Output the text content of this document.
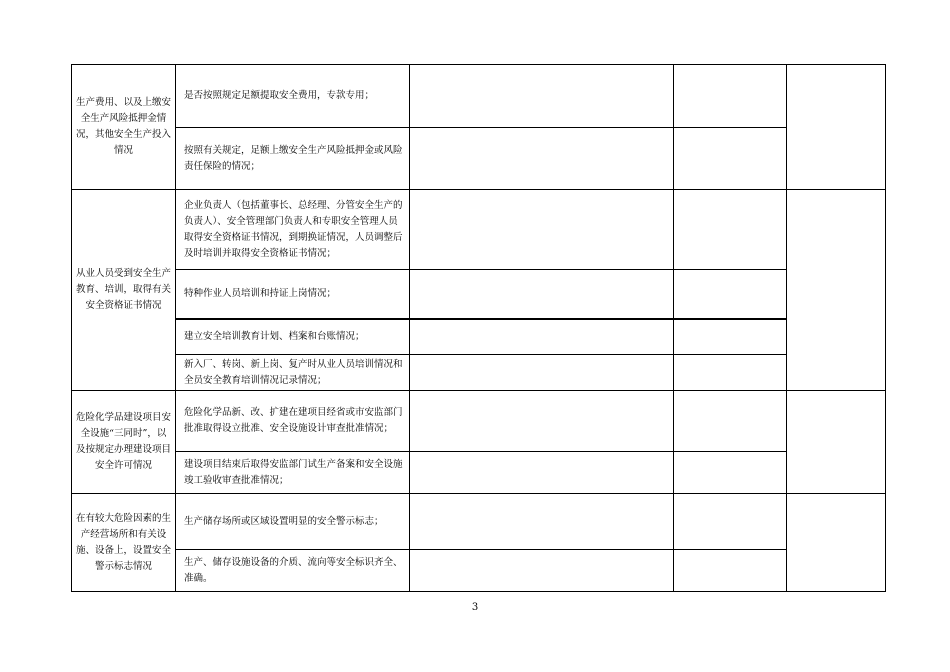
生产费用、以及上缴安全生产风险抵押金情况，其他安全生产投入情况
是否按照规定足额提取安全费用，专款专用；
按照有关规定，足额上缴安全生产风险抵押金或风险责任保险的情况；
从业人员受到安全生产教育、培训，取得有关安全资格证书情况
企业负责人（包括董事长、总经理、分管安全生产的负责人）、安全管理部门负责人和专职安全管理人员取得安全资格证书情况，到期换证情况，人员调整后及时培训并取得安全资格证书情况；
特种作业人员培训和持证上岗情况；
建立安全培训教育计划、档案和台账情况；
新入厂、转岗、新上岗、复产时从业人员培训情况和全员安全教育培训情况记录情况；
危险化学品建设项目安全设施“三同时”，以及按规定办理建设项目安全许可情况
危险化学品新、改、扩建在建项目经省或市安监部门批准取得设立批准、安全设施设计审查批准情况；
建设项目结束后取得安监部门试生产备案和安全设施竣工验收审查批准情况；
在有较大危险因素的生产经营场所和有关设施、设备上，设置安全警示标志情况
生产储存场所或区域设置明显的安全警示标志；
生产、储存设施设备的介质、流向等安全标识齐全、准确。
3
